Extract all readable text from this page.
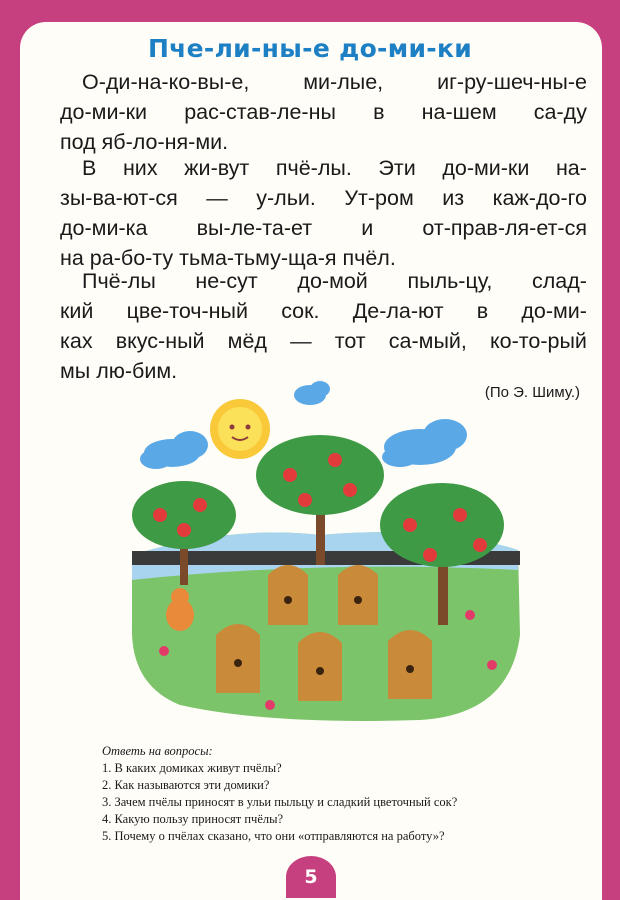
Пче-ли-ны-е до-ми-ки
О-ди-на-ко-вы-е,	ми-лые,	иг-ру-шеч-ны-е
до-ми-ки рас-став-ле-ны в на-шем са-ду
под яб-ло-ня-ми.
В них жи-вут пчё-лы. Эти до-ми-ки на-
зы-ва-ют-ся — у-льи. Ут-ром из каж-до-го
до-ми-ка вы-ле-та-ет и от-прав-ля-ет-ся
на ра-бо-ту тьма-тьму-ща-я пчёл.
Пчё-лы не-сут до-мой пыль-цу, слад-
кий цве-точ-ный сок. Де-ла-ют в до-ми-
ках вкус-ный мёд — тот са-мый, ко-то-рый
мы лю-бим.
(По Э. Шиму.)
Ответь на вопросы:
1. В каких домиках живут пчёлы?
2. Как называются эти домики?
3. Зачем пчёлы приносят в ульи пыльцу и сладкий цветочный сок?
4. Какую пользу приносят пчёлы?
5. Почему о пчёлах сказано, что они «отправляются на работу»?
5
